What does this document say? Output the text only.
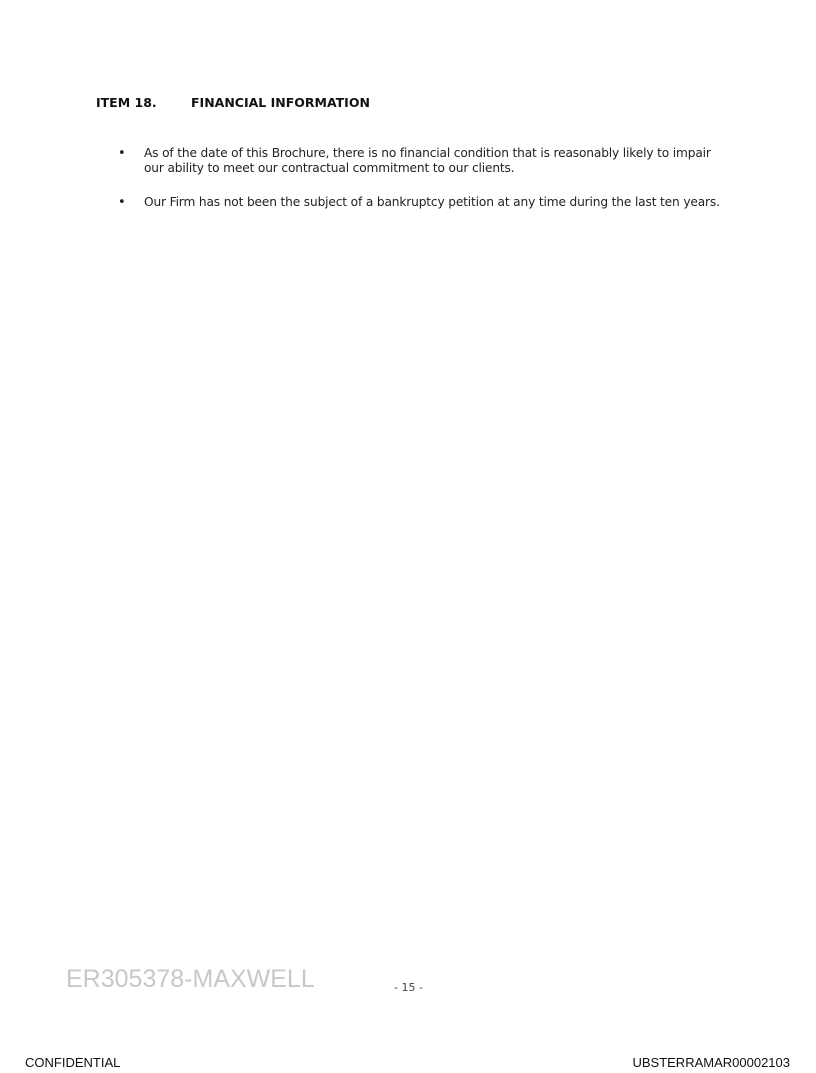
ITEM 18.	FINANCIAL INFORMATION
• As of the date of this Brochure, there is no financial condition that is reasonably likely to impair our ability to meet our contractual commitment to our clients.
• Our Firm has not been the subject of a bankruptcy petition at any time during the last ten years.
ER305378-MAXWELL	- 15 -
CONFIDENTIAL	UBSTERRAMAR00002103
